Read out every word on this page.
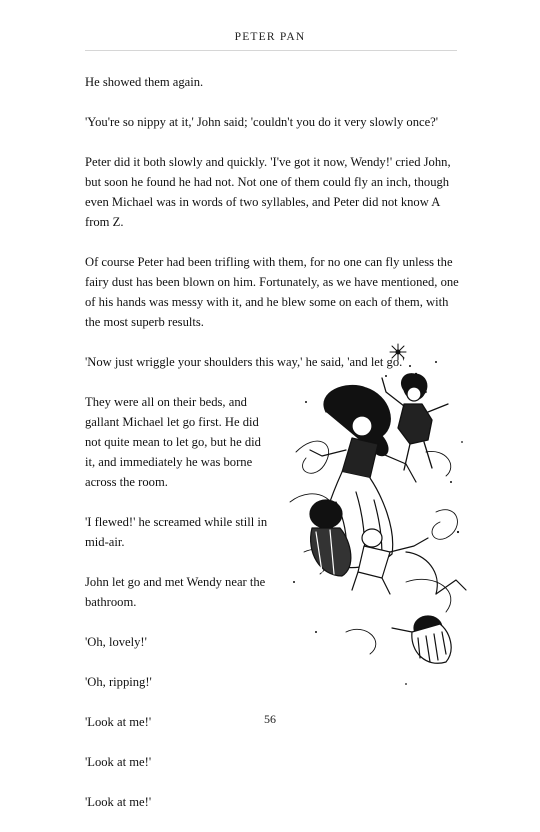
PETER PAN

He showed them again.

'You're so nippy at it,' John said; 'couldn't you do it very slowly once?'

Peter did it both slowly and quickly. 'I've got it now, Wendy!' cried John, but soon he found he had not. Not one of them could fly an inch, though even Michael was in words of two syllables, and Peter did not know A from Z.

Of course Peter had been trifling with them, for no one can fly unless the fairy dust has been blown on him. Fortunately, as we have mentioned, one of his hands was messy with it, and he blew some on each of them, with the most superb results.

'Now just wriggle your shoulders this way,' he said, 'and let go.'

They were all on their beds, and gallant Michael let go first. He did not quite mean to let go, but he did it, and immediately he was borne across the room.

'I flewed!' he screamed while still in mid-air.

John let go and met Wendy near the bathroom.

'Oh, lovely!'

'Oh, ripping!'

'Look at me!'

'Look at me!'

'Look at me!'

56
